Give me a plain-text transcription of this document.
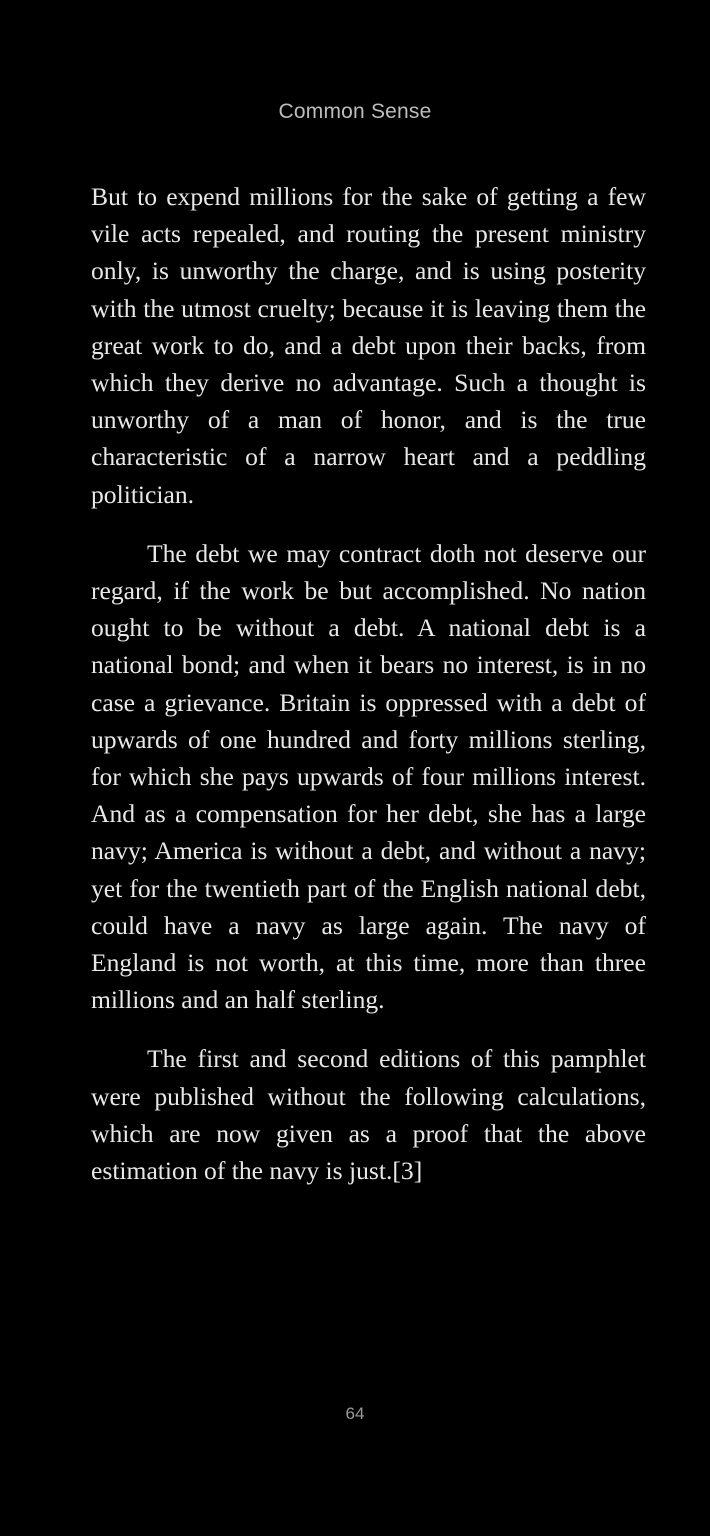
Common Sense

But to expend millions for the sake of getting a few vile acts repealed, and routing the present ministry only, is unworthy the charge, and is using posterity with the utmost cruelty; because it is leaving them the great work to do, and a debt upon their backs, from which they derive no advantage. Such a thought is unworthy of a man of honor, and is the true characteristic of a narrow heart and a peddling politician.

The debt we may contract doth not deserve our regard, if the work be but accomplished. No nation ought to be without a debt. A national debt is a national bond; and when it bears no interest, is in no case a grievance. Britain is oppressed with a debt of upwards of one hundred and forty millions sterling, for which she pays upwards of four millions interest. And as a compensation for her debt, she has a large navy; America is without a debt, and without a navy; yet for the twentieth part of the English national debt, could have a navy as large again. The navy of England is not worth, at this time, more than three millions and an half sterling.

The first and second editions of this pamphlet were published without the following calculations, which are now given as a proof that the above estimation of the navy is just.[3]

64
